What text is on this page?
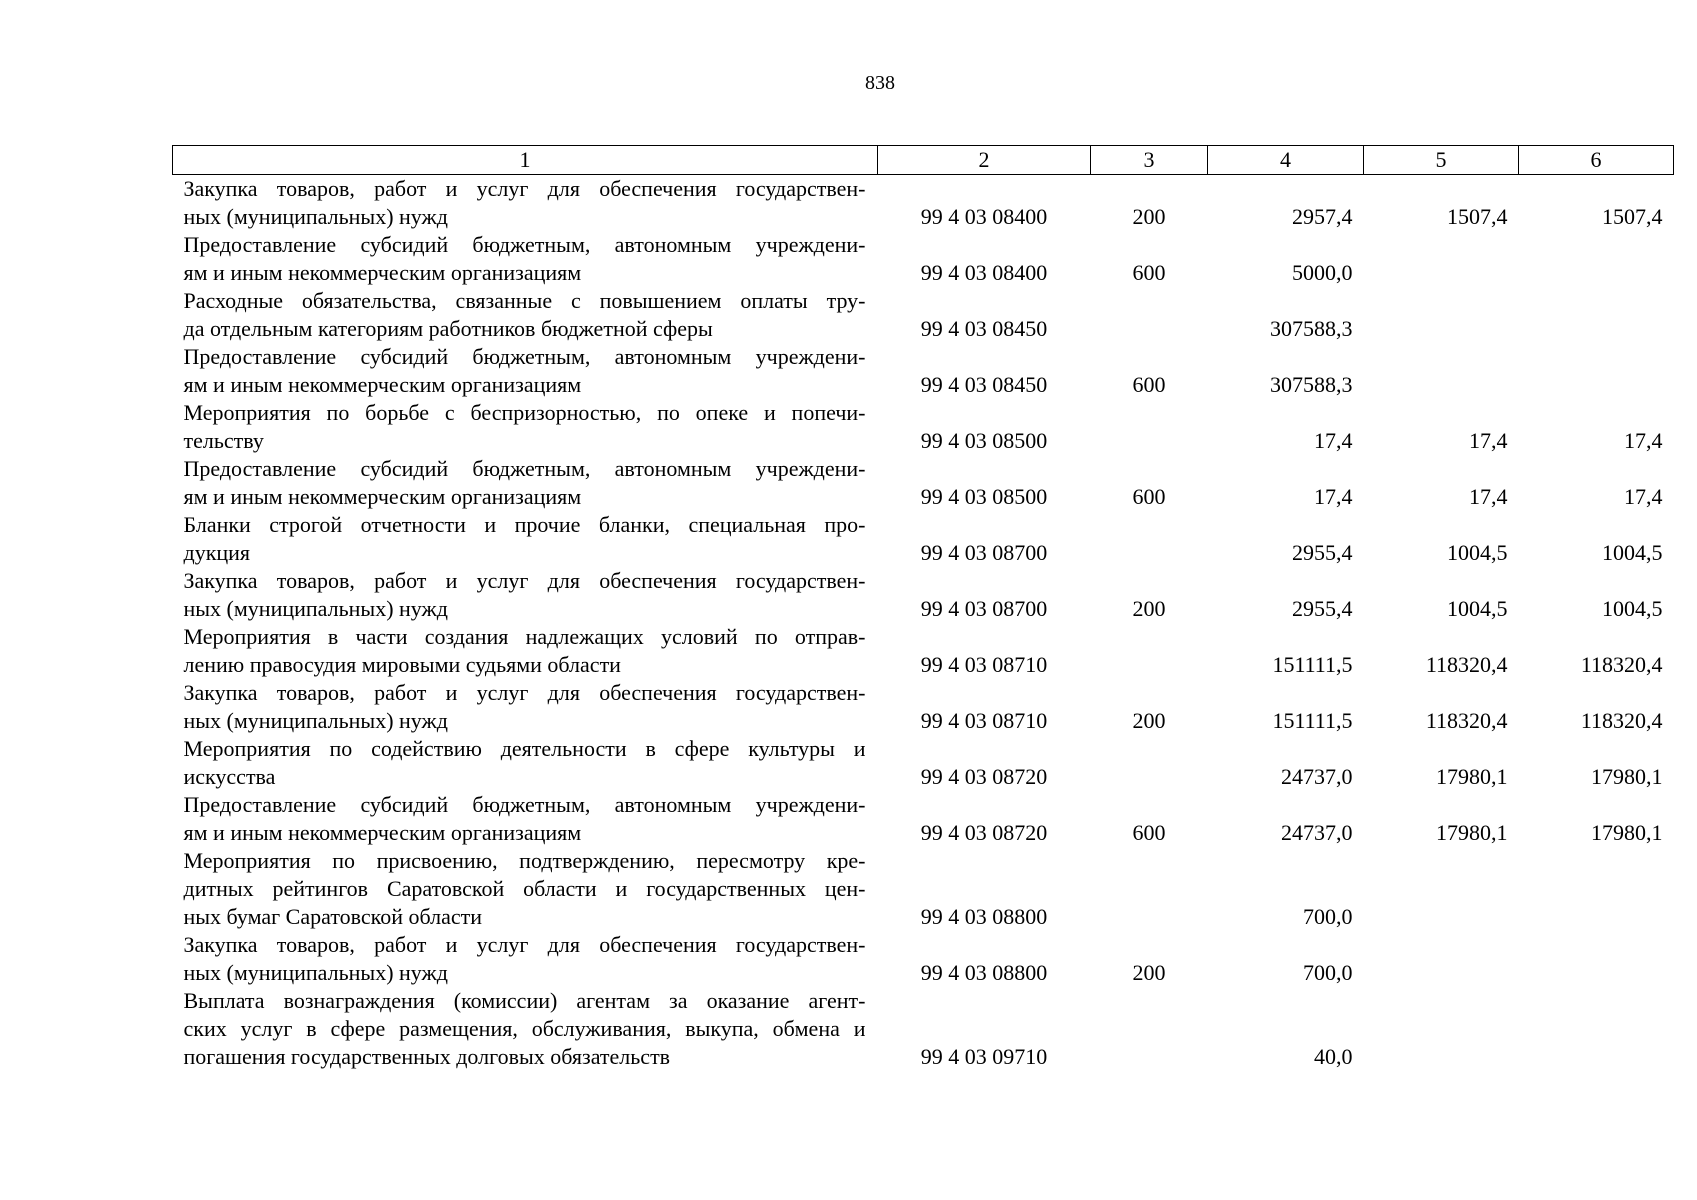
838
1	2	3	4	5	6

Закупка товаров, работ и услуг для обеспечения государствен-
ных (муниципальных) нужд	99 4 03 08400	200	2957,4	1507,4	1507,4

Предоставление субсидий бюджетным, автономным учреждени-
ям и иным некоммерческим организациям	99 4 03 08400	600	5000,0		

Расходные обязательства, связанные с повышением оплаты тру-
да отдельным категориям работников бюджетной сферы	99 4 03 08450		307588,3		

Предоставление субсидий бюджетным, автономным учреждени-
ям и иным некоммерческим организациям	99 4 03 08450	600	307588,3		

Мероприятия по борьбе с беспризорностью, по опеке и попечи-
тельству	99 4 03 08500		17,4	17,4	17,4

Предоставление субсидий бюджетным, автономным учреждени-
ям и иным некоммерческим организациям	99 4 03 08500	600	17,4	17,4	17,4

Бланки строгой отчетности и прочие бланки, специальная про-
дукция	99 4 03 08700		2955,4	1004,5	1004,5

Закупка товаров, работ и услуг для обеспечения государствен-
ных (муниципальных) нужд	99 4 03 08700	200	2955,4	1004,5	1004,5

Мероприятия в части создания надлежащих условий по отправ-
лению правосудия мировыми судьями области	99 4 03 08710		151111,5	118320,4	118320,4

Закупка товаров, работ и услуг для обеспечения государствен-
ных (муниципальных) нужд	99 4 03 08710	200	151111,5	118320,4	118320,4

Мероприятия по содействию деятельности в сфере культуры и
искусства	99 4 03 08720		24737,0	17980,1	17980,1

Предоставление субсидий бюджетным, автономным учреждени-
ям и иным некоммерческим организациям	99 4 03 08720	600	24737,0	17980,1	17980,1

Мероприятия по присвоению, подтверждению, пересмотру кре-
дитных рейтингов Саратовской области и государственных цен-
ных бумаг Саратовской области	99 4 03 08800		700,0		

Закупка товаров, работ и услуг для обеспечения государствен-
ных (муниципальных) нужд	99 4 03 08800	200	700,0		

Выплата вознаграждения (комиссии) агентам за оказание агент-
ских услуг в сфере размещения, обслуживания, выкупа, обмена и
погашения государственных долговых обязательств	99 4 03 09710		40,0		
